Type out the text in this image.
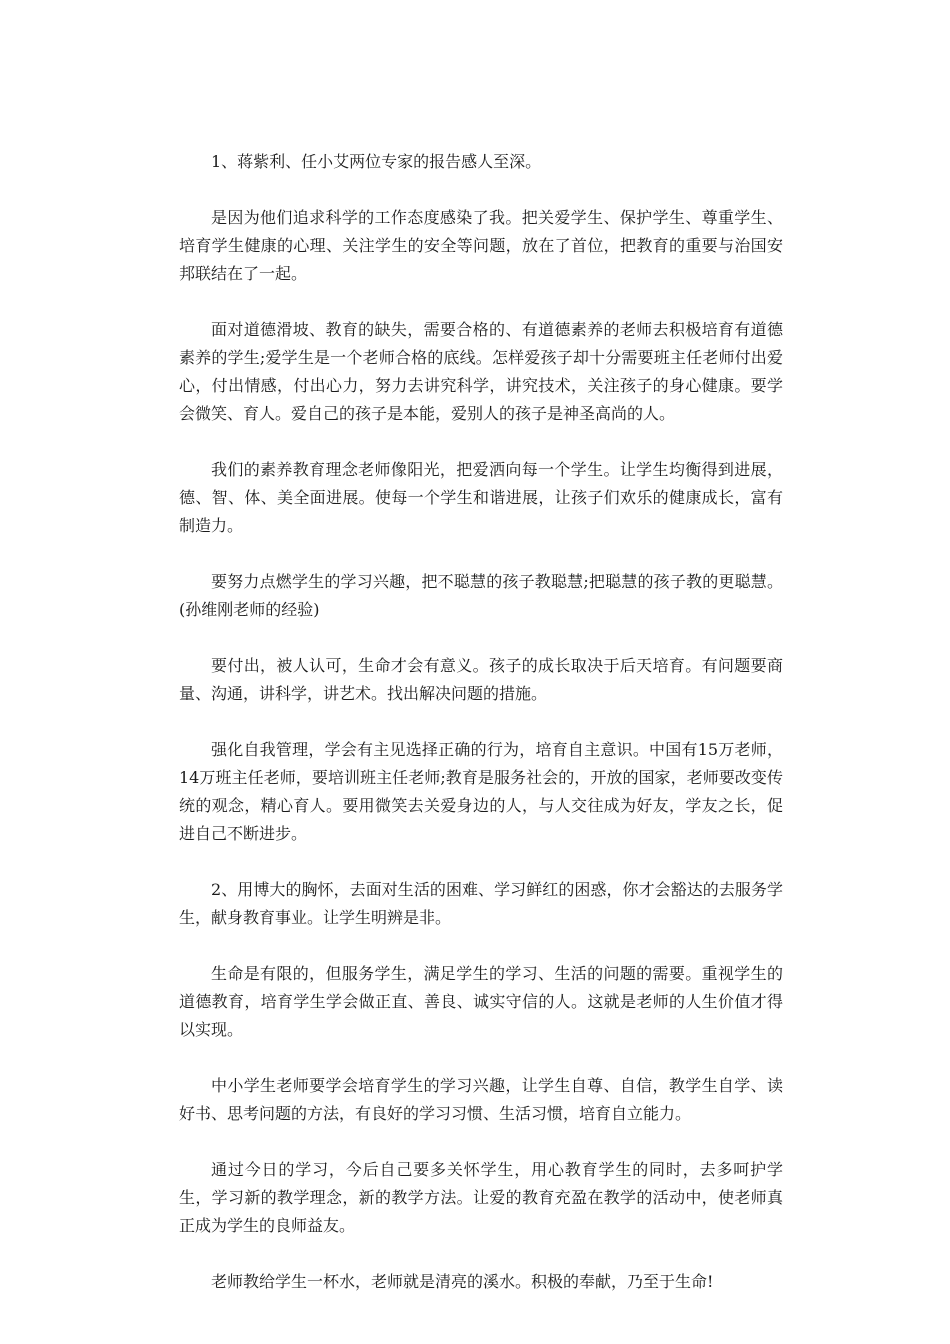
1、蒋紫利、任小艾两位专家的报告感人至深。

是因为他们追求科学的工作态度感染了我。把关爱学生、保护学生、尊重学生、培育学生健康的心理、关注学生的安全等问题，放在了首位，把教育的重要与治国安邦联结在了一起。

面对道德滑坡、教育的缺失，需要合格的、有道德素养的老师去积极培育有道德素养的学生;爱学生是一个老师合格的底线。怎样爱孩子却十分需要班主任老师付出爱心，付出情感，付出心力，努力去讲究科学，讲究技术，关注孩子的身心健康。要学会微笑、育人。爱自己的孩子是本能，爱别人的孩子是神圣高尚的人。

我们的素养教育理念老师像阳光，把爱洒向每一个学生。让学生均衡得到进展，德、智、体、美全面进展。使每一个学生和谐进展，让孩子们欢乐的健康成长，富有制造力。

要努力点燃学生的学习兴趣，把不聪慧的孩子教聪慧;把聪慧的孩子教的更聪慧。(孙维刚老师的经验)

要付出，被人认可，生命才会有意义。孩子的成长取决于后天培育。有问题要商量、沟通，讲科学，讲艺术。找出解决问题的措施。

强化自我管理，学会有主见选择正确的行为，培育自主意识。中国有15万老师，14万班主任老师，要培训班主任老师;教育是服务社会的，开放的国家，老师要改变传统的观念，精心育人。要用微笑去关爱身边的人，与人交往成为好友，学友之长，促进自己不断进步。

2、用博大的胸怀，去面对生活的困难、学习鲜红的困惑，你才会豁达的去服务学生，献身教育事业。让学生明辨是非。

生命是有限的，但服务学生，满足学生的学习、生活的问题的需要。重视学生的道德教育，培育学生学会做正直、善良、诚实守信的人。这就是老师的人生价值才得以实现。

中小学生老师要学会培育学生的学习兴趣，让学生自尊、自信，教学生自学、读好书、思考问题的方法，有良好的学习习惯、生活习惯，培育自立能力。

通过今日的学习，今后自己要多关怀学生，用心教育学生的同时，去多呵护学生，学习新的教学理念，新的教学方法。让爱的教育充盈在教学的活动中，使老师真正成为学生的良师益友。

老师教给学生一杯水，老师就是清亮的溪水。积极的奉献，乃至于生命!
